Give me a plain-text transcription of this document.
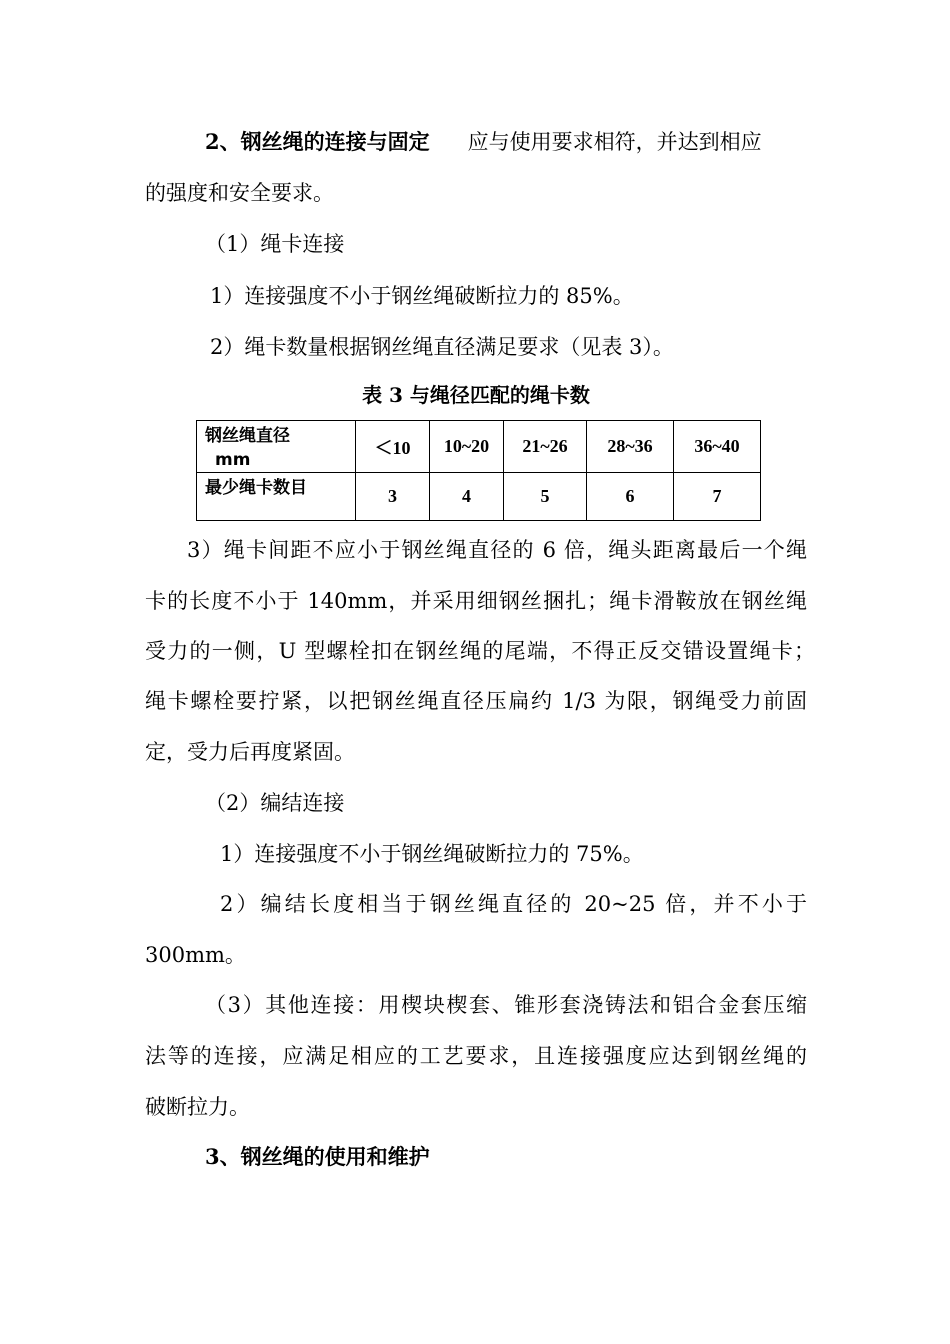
2、钢丝绳的连接与固定 应与使用要求相符，并达到相应
的强度和安全要求。
（1）绳卡连接
1）连接强度不小于钢丝绳破断拉力的 85%。
2）绳卡数量根据钢丝绳直径满足要求（见表 3）。
表 3 与绳径匹配的绳卡数
钢丝绳直径
mm	＜10	10~20	21~26	28~36	36~40
最少绳卡数目	3	4	5	6	7
3）绳卡间距不应小于钢丝绳直径的 6 倍，绳头距离最后一个绳
卡的长度不小于 140mm，并采用细钢丝捆扎；绳卡滑鞍放在钢丝绳
受力的一侧，U 型螺栓扣在钢丝绳的尾端，不得正反交错设置绳卡；
绳卡螺栓要拧紧，以把钢丝绳直径压扁约 1/3 为限，钢绳受力前固
定，受力后再度紧固。
（2）编结连接
1）连接强度不小于钢丝绳破断拉力的 75%。
2）编结长度相当于钢丝绳直径的 20~25 倍，并不小于
300mm。
（3）其他连接：用楔块楔套、锥形套浇铸法和铝合金套压缩
法等的连接，应满足相应的工艺要求，且连接强度应达到钢丝绳的
破断拉力。
3、钢丝绳的使用和维护
